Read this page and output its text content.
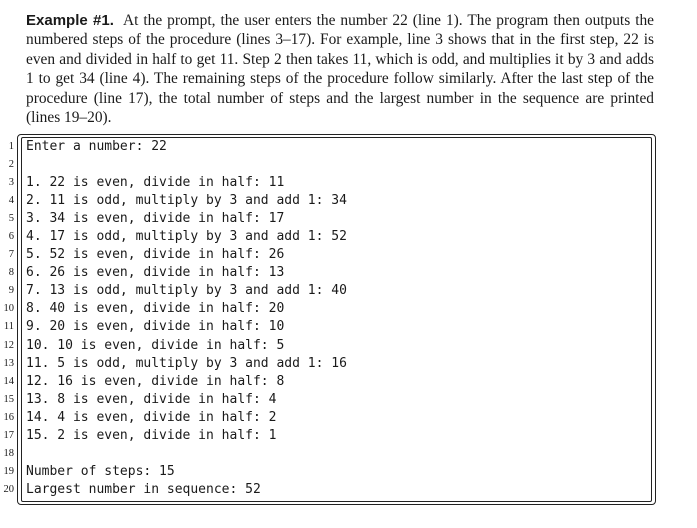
Example #1. At the prompt, the user enters the number 22 (line 1). The program then outputs the numbered steps of the procedure (lines 3–17). For example, line 3 shows that in the first step, 22 is even and divided in half to get 11. Step 2 then takes 11, which is odd, and multiplies it by 3 and adds 1 to get 34 (line 4). The remaining steps of the procedure follow similarly. After the last step of the procedure (line 17), the total number of steps and the largest number in the sequence are printed (lines 19–20).

1
2
3
4
5
6
7
8
9
10
11
12
13
14
15
16
17
18
19
20
Enter a number: 22
1. 22 is even, divide in half: 11
2. 11 is odd, multiply by 3 and add 1: 34
3. 34 is even, divide in half: 17
4. 17 is odd, multiply by 3 and add 1: 52
5. 52 is even, divide in half: 26
6. 26 is even, divide in half: 13
7. 13 is odd, multiply by 3 and add 1: 40
8. 40 is even, divide in half: 20
9. 20 is even, divide in half: 10
10. 10 is even, divide in half: 5
11. 5 is odd, multiply by 3 and add 1: 16
12. 16 is even, divide in half: 8
13. 8 is even, divide in half: 4
14. 4 is even, divide in half: 2
15. 2 is even, divide in half: 1
Number of steps: 15
Largest number in sequence: 52
